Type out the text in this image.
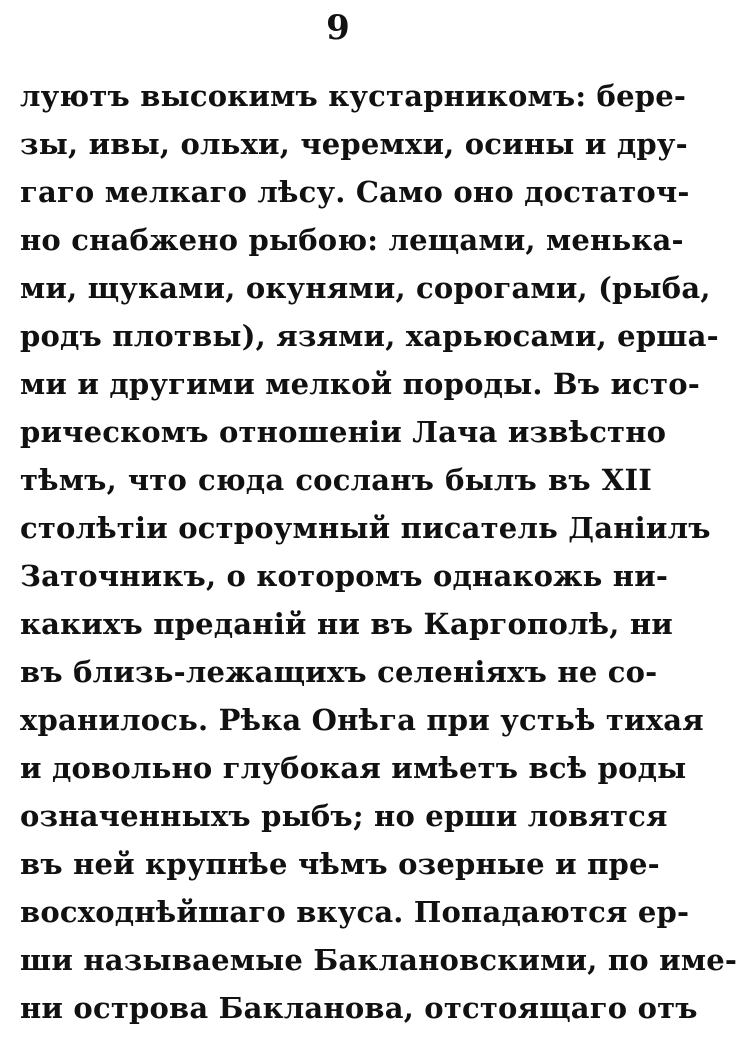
9
луютъ высокимъ кустарникомъ: бере-
зы, ивы, ольхи, черемхи, осины и дру-
гаго мелкаго лѣсу. Само оно достаточ-
но снабжено рыбою: лещами, менька-
ми, щуками, окунями, сорогами, (рыба,
родъ плотвы), язями, харьюсами, ерша-
ми и другими мелкой породы. Въ исто-
рическомъ отношеніи Лача извѣстно
тѣмъ, что сюда сосланъ былъ въ XII
столѣтіи остроумный писатель Даніилъ
Заточникъ, о которомъ однакожь ни-
какихъ преданій ни въ Каргополѣ, ни
въ близь-лежащихъ селеніяхъ не со-
хранилось. Рѣка Онѣга при устьѣ тихая
и довольно глубокая имѣетъ всѣ роды
означенныхъ рыбъ; но ерши ловятся
въ ней крупнѣе чѣмъ озерные и пре-
восходнѣйшаго вкуса. Попадаются ер-
ши называемые Баклановскими, по име-
ни острова Бакланова, отстоящаго отъ
